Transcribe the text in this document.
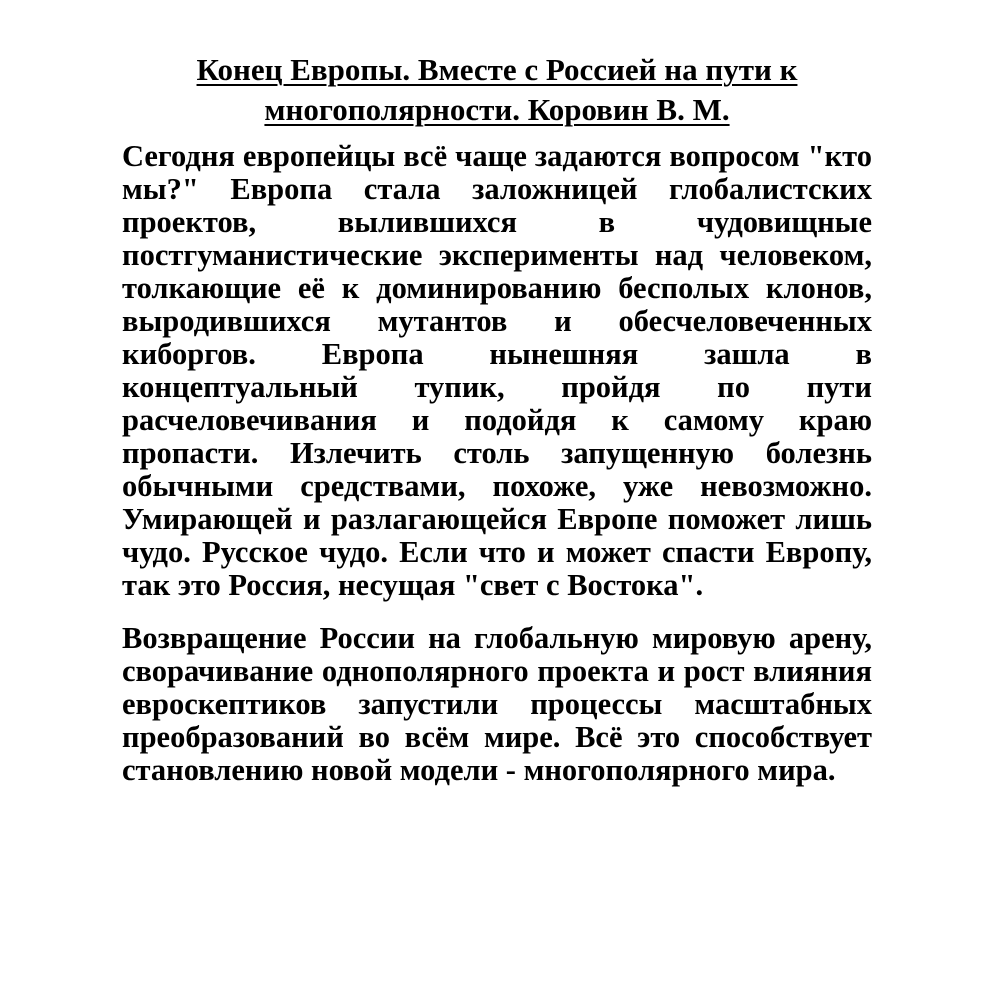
Конец Европы. Вместе с Россией на пути к
многополярности. Коровин В. М.

Сегодня европейцы всё чаще задаются вопросом "кто мы?" Европа стала заложницей глобалистских проектов, вылившихся в чудовищные постгуманистические эксперименты над человеком, толкающие её к доминированию бесполых клонов, выродившихся мутантов и обесчеловеченных киборгов. Европа нынешняя зашла в концептуальный тупик, пройдя по пути расчеловечивания и подойдя к самому краю пропасти. Излечить столь запущенную болезнь обычными средствами, похоже, уже невозможно. Умирающей и разлагающейся Европе поможет лишь чудо. Русское чудо. Если что и может спасти Европу, так это Россия, несущая "свет с Востока".

Возвращение России на глобальную мировую арену, сворачивание однополярного проекта и рост влияния евроскептиков запустили процессы масштабных преобразований во всём мире. Всё это способствует становлению новой модели - многополярного мира.
